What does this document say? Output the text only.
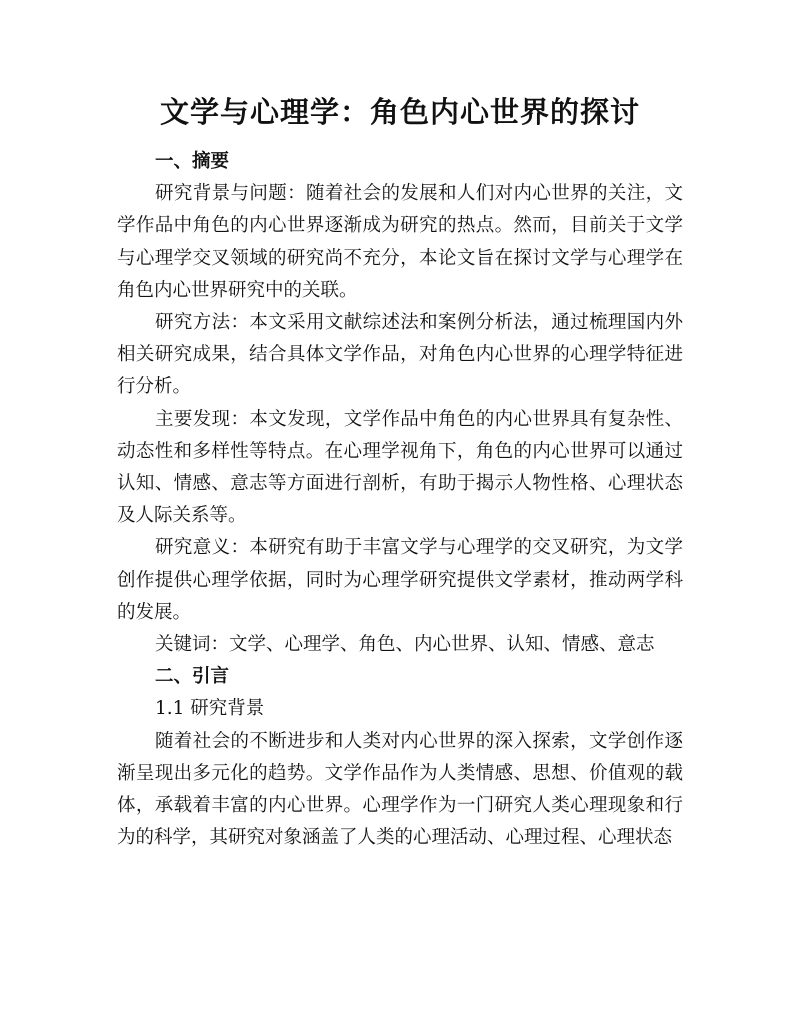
文学与心理学：角色内心世界的探讨

一、摘要

研究背景与问题：随着社会的发展和人们对内心世界的关注，文学作品中角色的内心世界逐渐成为研究的热点。然而，目前关于文学与心理学交叉领域的研究尚不充分，本论文旨在探讨文学与心理学在角色内心世界研究中的关联。

研究方法：本文采用文献综述法和案例分析法，通过梳理国内外相关研究成果，结合具体文学作品，对角色内心世界的心理学特征进行分析。

主要发现：本文发现，文学作品中角色的内心世界具有复杂性、动态性和多样性等特点。在心理学视角下，角色的内心世界可以通过认知、情感、意志等方面进行剖析，有助于揭示人物性格、心理状态及人际关系等。

研究意义：本研究有助于丰富文学与心理学的交叉研究，为文学创作提供心理学依据，同时为心理学研究提供文学素材，推动两学科的发展。

关键词：文学、心理学、角色、内心世界、认知、情感、意志

二、引言

1.1 研究背景

随着社会的不断进步和人类对内心世界的深入探索，文学创作逐渐呈现出多元化的趋势。文学作品作为人类情感、思想、价值观的载体，承载着丰富的内心世界。心理学作为一门研究人类心理现象和行为的科学，其研究对象涵盖了人类的心理活动、心理过程、心理状态
